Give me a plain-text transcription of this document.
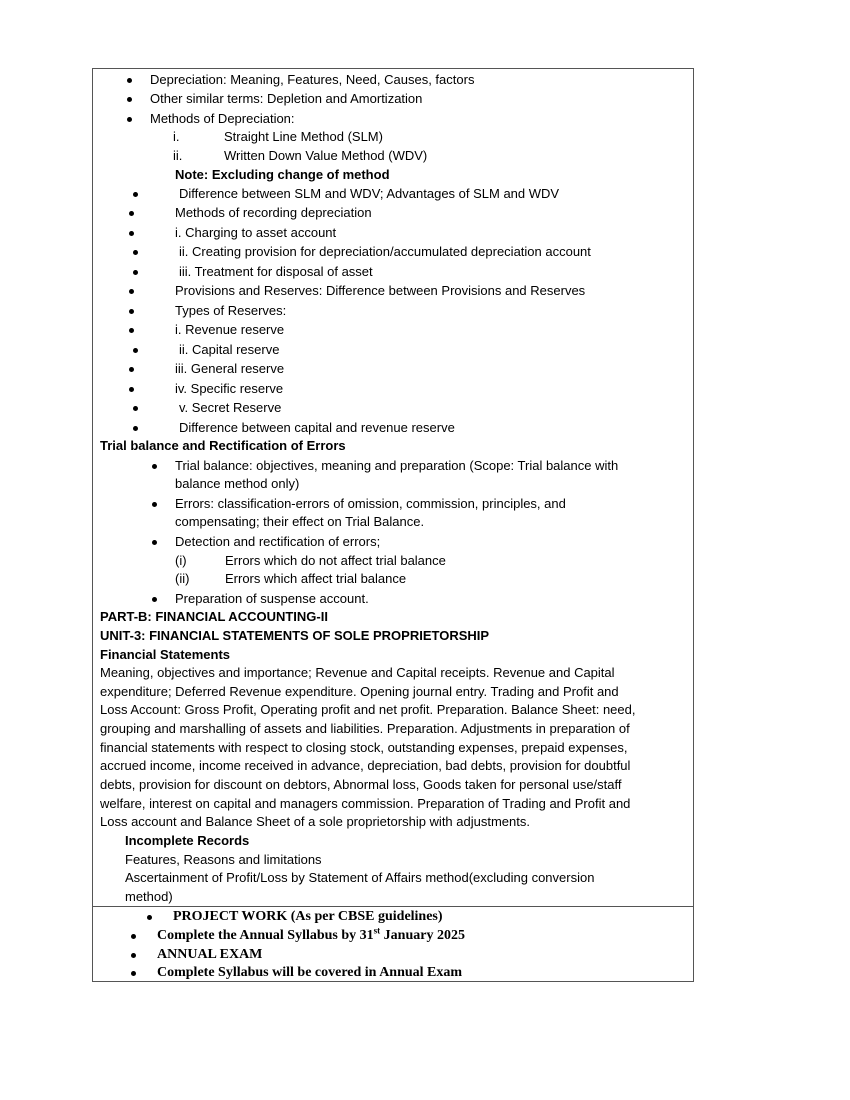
Depreciation: Meaning, Features, Need, Causes, factors
Other similar terms: Depletion and Amortization
Methods of Depreciation:
i.	Straight Line Method (SLM)
ii.	Written Down Value Method (WDV)
Note: Excluding change of method
Difference between SLM and WDV; Advantages of SLM and WDV
Methods of recording depreciation
i. Charging to asset account
ii. Creating provision for depreciation/accumulated depreciation account
iii. Treatment for disposal of asset
Provisions and Reserves: Difference between Provisions and Reserves
Types of Reserves:
i. Revenue reserve
ii. Capital reserve
iii. General reserve
iv. Specific reserve
v. Secret Reserve
Difference between capital and revenue reserve
Trial balance and Rectification of Errors
Trial balance: objectives, meaning and preparation (Scope: Trial balance with
balance method only)
Errors: classification-errors of omission, commission, principles, and
compensating; their effect on Trial Balance.
Detection and rectification of errors;
(i)	Errors which do not affect trial balance
(ii)	Errors which affect trial balance
Preparation of suspense account.
PART-B: FINANCIAL ACCOUNTING-II
UNIT-3: FINANCIAL STATEMENTS OF SOLE PROPRIETORSHIP
Financial Statements
Meaning, objectives and importance; Revenue and Capital receipts. Revenue and Capital
expenditure; Deferred Revenue expenditure. Opening journal entry. Trading and Profit and
Loss Account: Gross Profit, Operating profit and net profit. Preparation. Balance Sheet: need,
grouping and marshalling of assets and liabilities. Preparation. Adjustments in preparation of
financial statements with respect to closing stock, outstanding expenses, prepaid expenses,
accrued income, income received in advance, depreciation, bad debts, provision for doubtful
debts, provision for discount on debtors, Abnormal loss, Goods taken for personal use/staff
welfare, interest on capital and managers commission. Preparation of Trading and Profit and
Loss account and Balance Sheet of a sole proprietorship with adjustments.
Incomplete Records
Features, Reasons and limitations
Ascertainment of Profit/Loss by Statement of Affairs method(excluding conversion
method)
PROJECT WORK (As per CBSE guidelines)
Complete the Annual Syllabus by 31st January 2025
ANNUAL EXAM
Complete Syllabus will be covered in Annual Exam
